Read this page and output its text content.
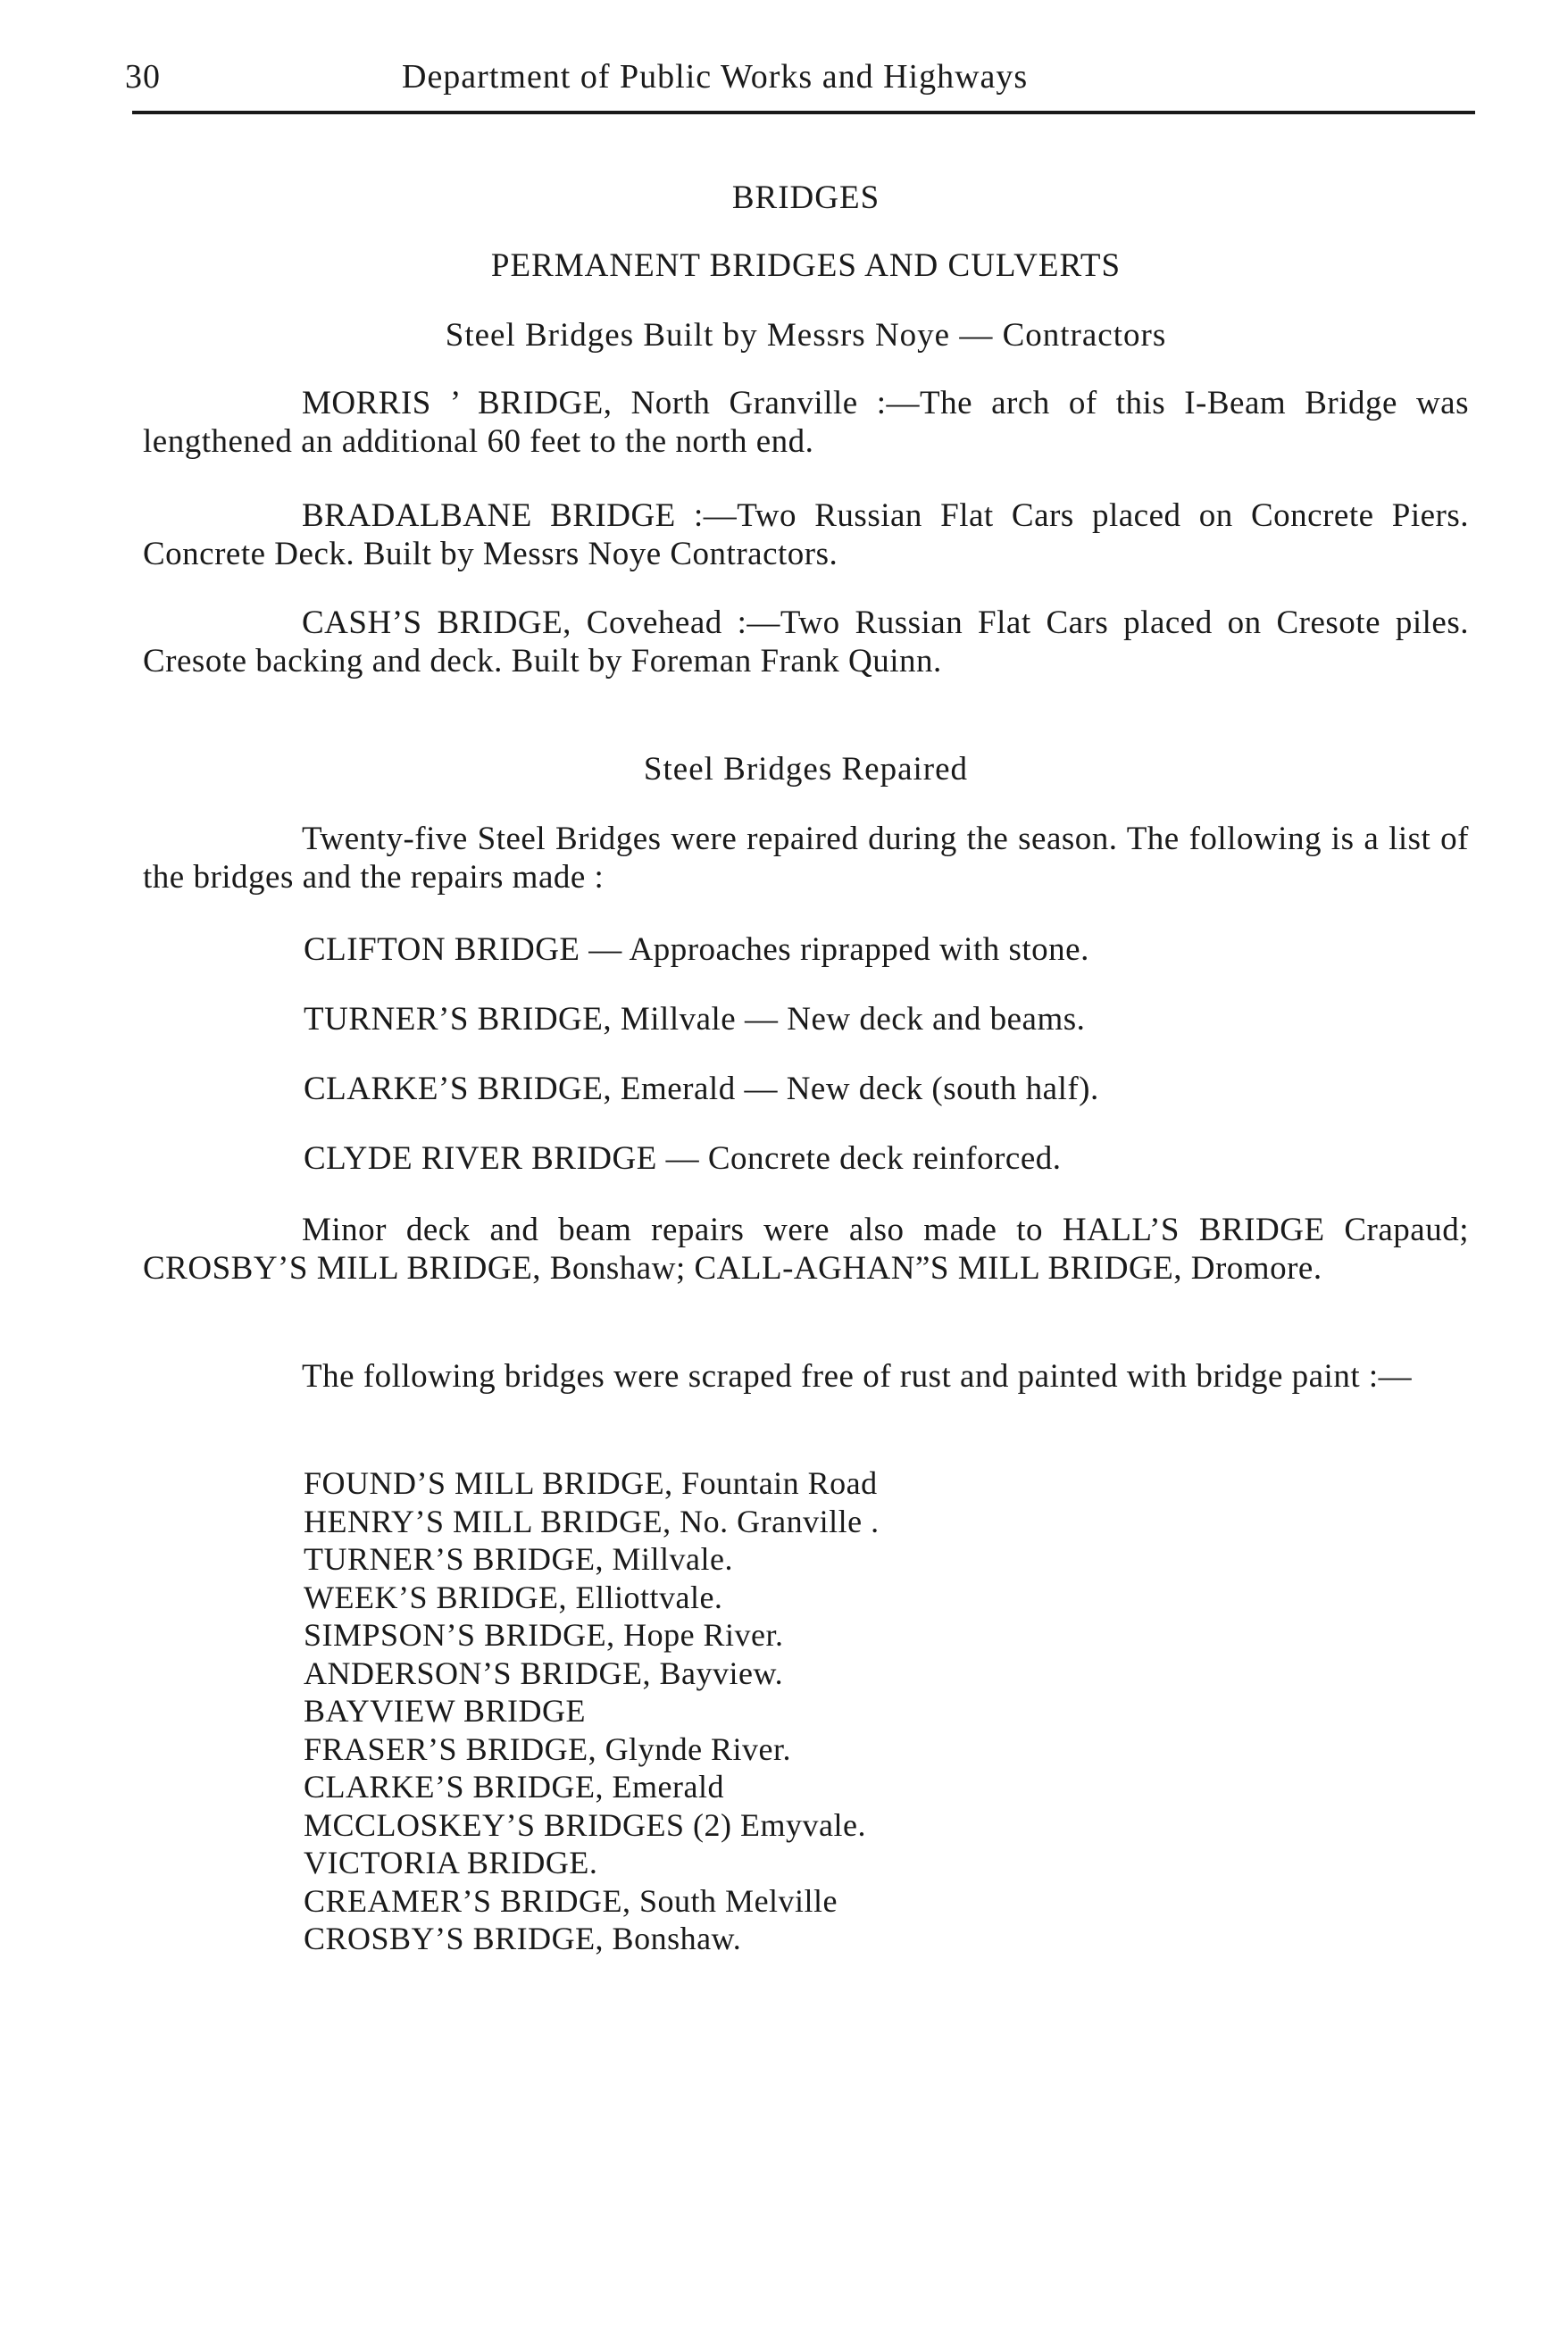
30	Department of Public Works and Highways
BRIDGES
PERMANENT BRIDGES AND CULVERTS
Steel Bridges Built by Messrs Noye — Contractors
MORRIS ’ BRIDGE, North Granville :—The arch of this I-Beam Bridge was lengthened an additional 60 feet to the north end.
BRADALBANE BRIDGE :—Two Russian Flat Cars placed on Concrete Piers. Concrete Deck. Built by Messrs Noye Contractors.
CASH’S BRIDGE, Covehead :—Two Russian Flat Cars placed on Cresote piles. Cresote backing and deck. Built by Foreman Frank Quinn.
Steel Bridges Repaired
Twenty-five Steel Bridges were repaired during the season. The following is a list of the bridges and the repairs made :
CLIFTON BRIDGE — Approaches riprapped with stone.
TURNER’S BRIDGE, Millvale — New deck and beams.
CLARKE’S BRIDGE, Emerald — New deck (south half).
CLYDE RIVER BRIDGE — Concrete deck reinforced.
Minor deck and beam repairs were also made to HALL’S BRIDGE Crapaud; CROSBY’S MILL BRIDGE, Bonshaw; CALL-AGHAN”S MILL BRIDGE, Dromore.
The following bridges were scraped free of rust and painted with bridge paint :—
FOUND’S MILL BRIDGE, Fountain Road
HENRY’S MILL BRIDGE, No. Granville .
TURNER’S BRIDGE, Millvale.
WEEK’S BRIDGE, Elliottvale.
SIMPSON’S BRIDGE, Hope River.
ANDERSON’S BRIDGE, Bayview.
BAYVIEW BRIDGE
FRASER’S BRIDGE, Glynde River.
CLARKE’S BRIDGE, Emerald
MCCLOSKEY’S BRIDGES (2) Emyvale.
VICTORIA BRIDGE.
CREAMER’S BRIDGE, South Melville
CROSBY’S BRIDGE, Bonshaw.
